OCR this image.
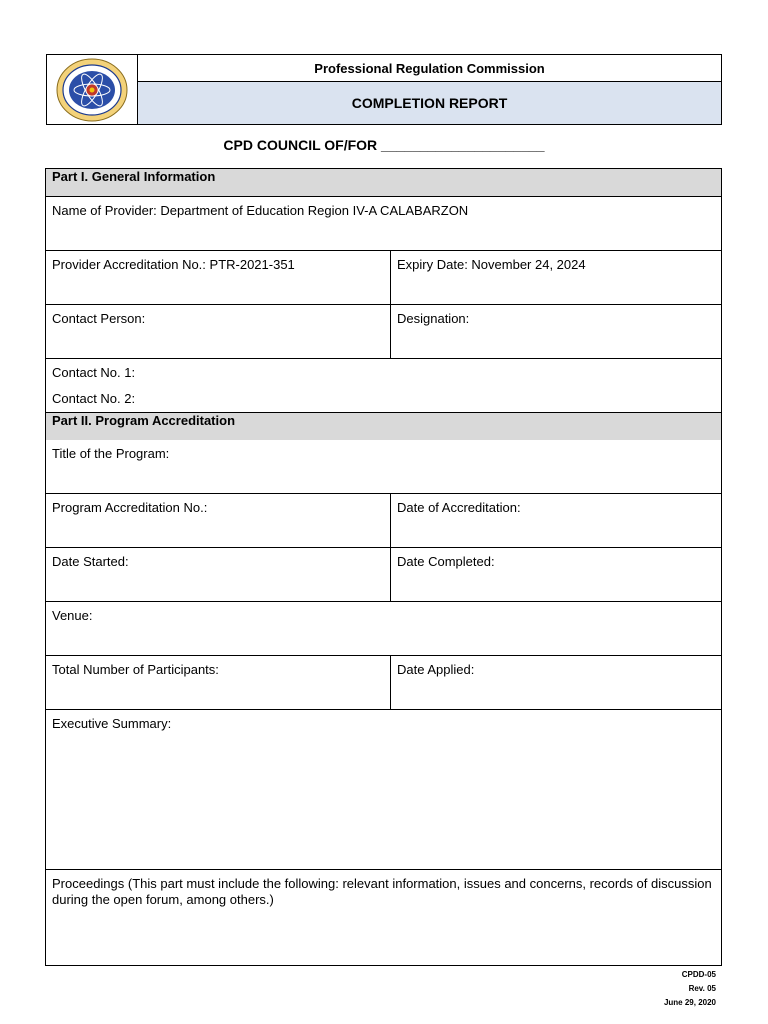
Professional Regulation Commission
COMPLETION REPORT
CPD COUNCIL OF/FOR _____________________
Part I. General Information
Name of Provider: Department of Education Region IV-A CALABARZON
Provider Accreditation No.: PTR-2021-351	Expiry Date: November 24, 2024
Contact Person:	Designation:
Contact No. 1:
Contact No. 2:
Part II. Program Accreditation
Title of the Program:
Program Accreditation No.:	Date of Accreditation:
Date Started:	Date Completed:
Venue:
Total Number of Participants:	Date Applied:
Executive Summary:
Proceedings (This part must include the following: relevant information, issues and concerns, records of discussion during the open forum, among others.)
CPDD-05
Rev. 05
June 29, 2020
